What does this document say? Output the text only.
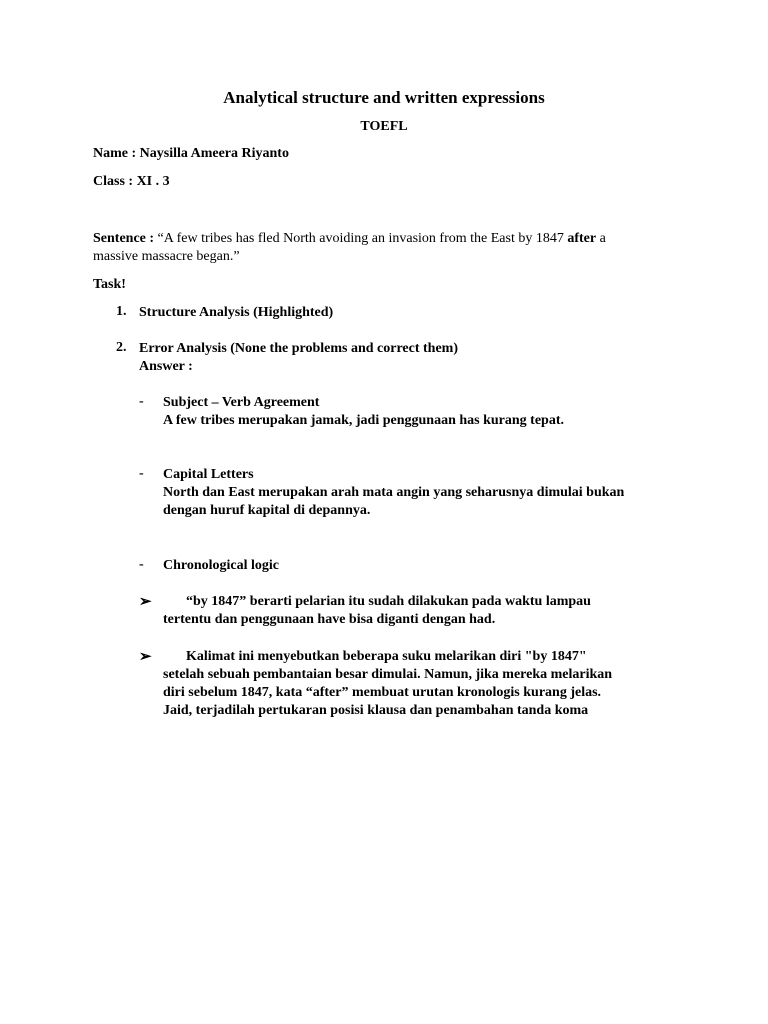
Analytical structure and written expressions
TOEFL
Name : Naysilla Ameera Riyanto
Class : XI . 3
Sentence : “A few tribes has fled North avoiding an invasion from the East by 1847 after a
massive massacre began.”
Task!
1. Structure Analysis (Highlighted)
2. Error Analysis (None the problems and correct them)
Answer :
- Subject – Verb Agreement
A few tribes merupakan jamak, jadi penggunaan has kurang tepat.
- Capital Letters
North dan East merupakan arah mata angin yang seharusnya dimulai bukan
dengan huruf kapital di depannya.
- Chronological logic
➢	“by 1847” berarti pelarian itu sudah dilakukan pada waktu lampau
tertentu dan penggunaan have bisa diganti dengan had.
➢	Kalimat ini menyebutkan beberapa suku melarikan diri "by 1847"
setelah sebuah pembantaian besar dimulai. Namun, jika mereka melarikan
diri sebelum 1847, kata “after” membuat urutan kronologis kurang jelas.
Jaid, terjadilah pertukaran posisi klausa dan penambahan tanda koma
